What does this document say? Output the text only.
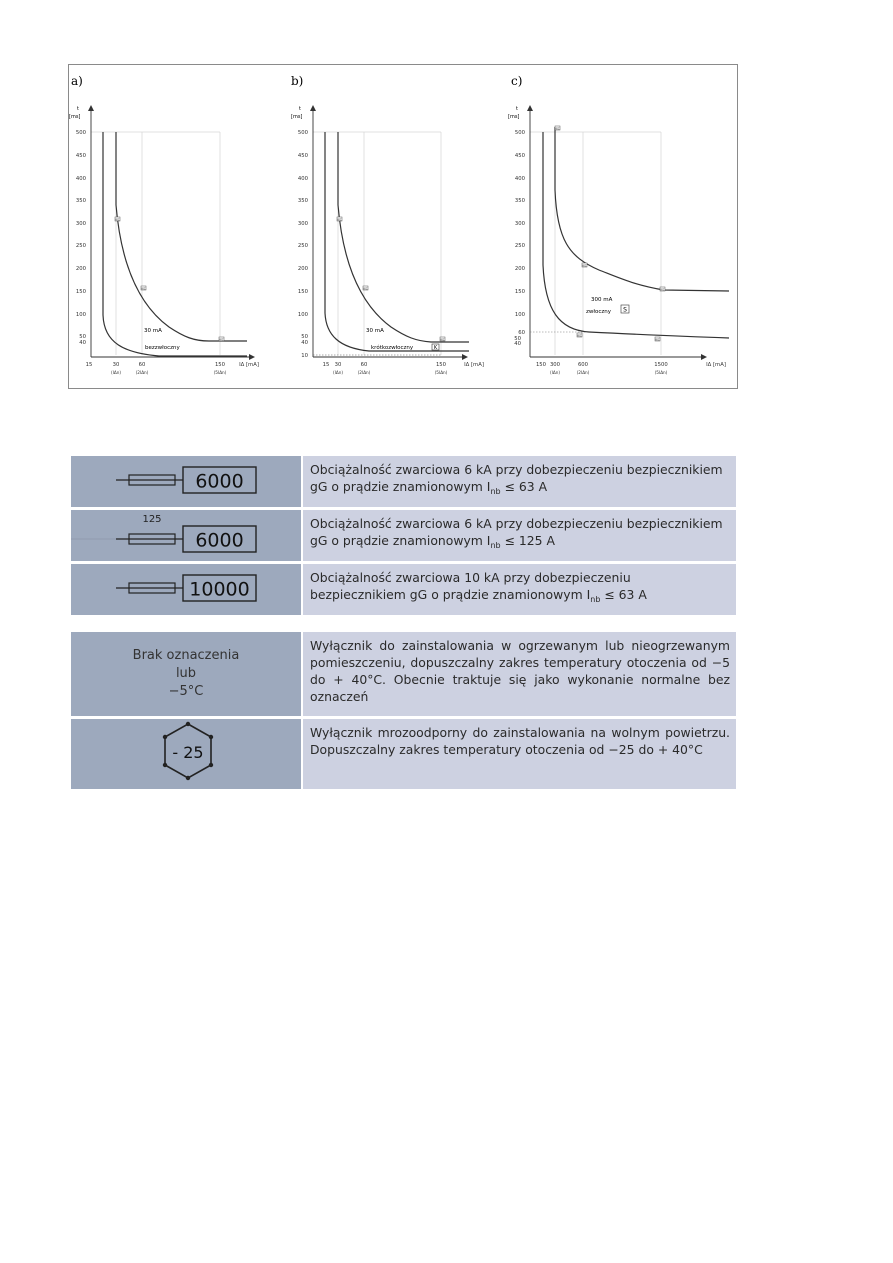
a)
t
[ms]
500
450
400
350
300
250
200
150
100
50
40
15	30
(IΔn)
60
(2IΔn)
150
(5IΔn)
IΔ [mA]
IEC
IEC
IEC
30 mA
bezzwłoczny
b)
t
[ms]
500
450
400
350
300
250
200
150
100
50
40
10
15 30
(IΔn)
60
(2IΔn)
150
(5IΔn)
IΔ [mA]
IEC
IEC
IEC
30 mA
krótkozwłoczny	K
c)
t
[ms]
500
450
400
350
300
250
200
150
100
60
50
40
150 300
(IΔn)
600
(2IΔn)
1500
(5IΔn)
IΔ [mA]
IEC
IEC
IEC
IEC
IEC
300 mA
zwłoczny S
6000	Obciążalność zwarciowa 6 kA przy dobezpieczeniu bezpiecznikiem gG o prądzie znamionowym $I_{nb} \le 63$ A

125
6000	Obciążalność zwarciowa 6 kA przy dobezpieczeniu bezpiecznikiem gG o prądzie znamionowym $I_{nb} \le 125$ A

10000	Obciążalność zwarciowa 10 kA przy dobezpieczeniu bezpiecznikiem gG o prądzie znamionowym $I_{nb} \le 63$ A
Brak oznaczenia
lub
−5°C	Wyłącznik do zainstalowania w ogrzewanym lub nieogrzewanym pomieszczeniu, dopuszczalny zakres temperatury otoczenia od −5 do + 40°C. Obecnie traktuje się jako wykonanie normalne bez oznaczeń

- 25	Wyłącznik mrozoodporny do zainstalowania na wolnym powietrzu. Dopuszczalny zakres temperatury otoczenia od −25 do + 40°C
